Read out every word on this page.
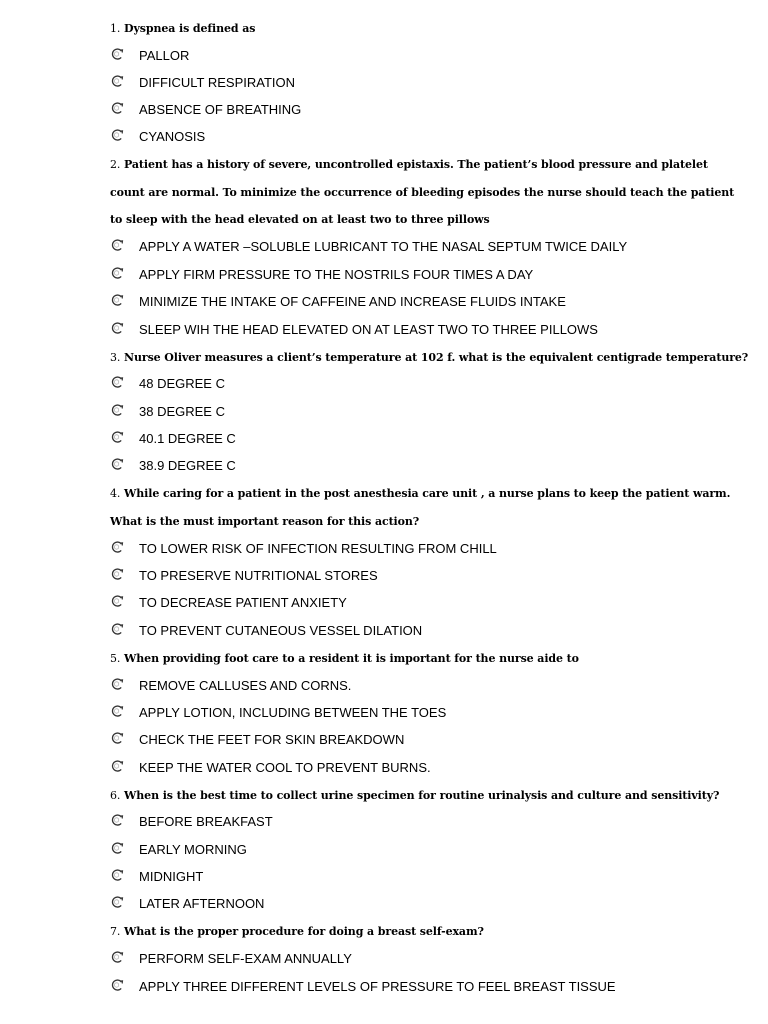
1. Dyspnea is defined as
PALLOR
DIFFICULT RESPIRATION
ABSENCE OF BREATHING
CYANOSIS
2. Patient has a history of severe, uncontrolled epistaxis. The patient’s blood pressure and platelet
count are normal. To minimize the occurrence of bleeding episodes the nurse should teach the patient
to sleep with the head elevated on at least two to three pillows
APPLY A WATER –SOLUBLE LUBRICANT TO THE NASAL SEPTUM TWICE DAILY
APPLY FIRM PRESSURE TO THE NOSTRILS FOUR TIMES A DAY
MINIMIZE THE INTAKE OF CAFFEINE AND INCREASE FLUIDS INTAKE
SLEEP WIH THE HEAD ELEVATED ON AT LEAST TWO TO THREE PILLOWS
3. Nurse Oliver measures a client’s temperature at 102 f. what is the equivalent centigrade temperature?
48 DEGREE C
38 DEGREE C
40.1 DEGREE C
38.9 DEGREE C
4. While caring for a patient in the post anesthesia care unit , a nurse plans to keep the patient warm.
What is the must important reason for this action?
TO LOWER RISK OF INFECTION RESULTING FROM CHILL
TO PRESERVE NUTRITIONAL STORES
TO DECREASE PATIENT ANXIETY
TO PREVENT CUTANEOUS VESSEL DILATION
5. When providing foot care to a resident it is important for the nurse aide to
REMOVE CALLUSES AND CORNS.
APPLY LOTION, INCLUDING BETWEEN THE TOES
CHECK THE FEET FOR SKIN BREAKDOWN
KEEP THE WATER COOL TO PREVENT BURNS.
6. When is the best time to collect urine specimen for routine urinalysis and culture and sensitivity?
BEFORE BREAKFAST
EARLY MORNING
MIDNIGHT
LATER AFTERNOON
7. What is the proper procedure for doing a breast self-exam?
PERFORM SELF-EXAM ANNUALLY
APPLY THREE DIFFERENT LEVELS OF PRESSURE TO FEEL BREAST TISSUE
